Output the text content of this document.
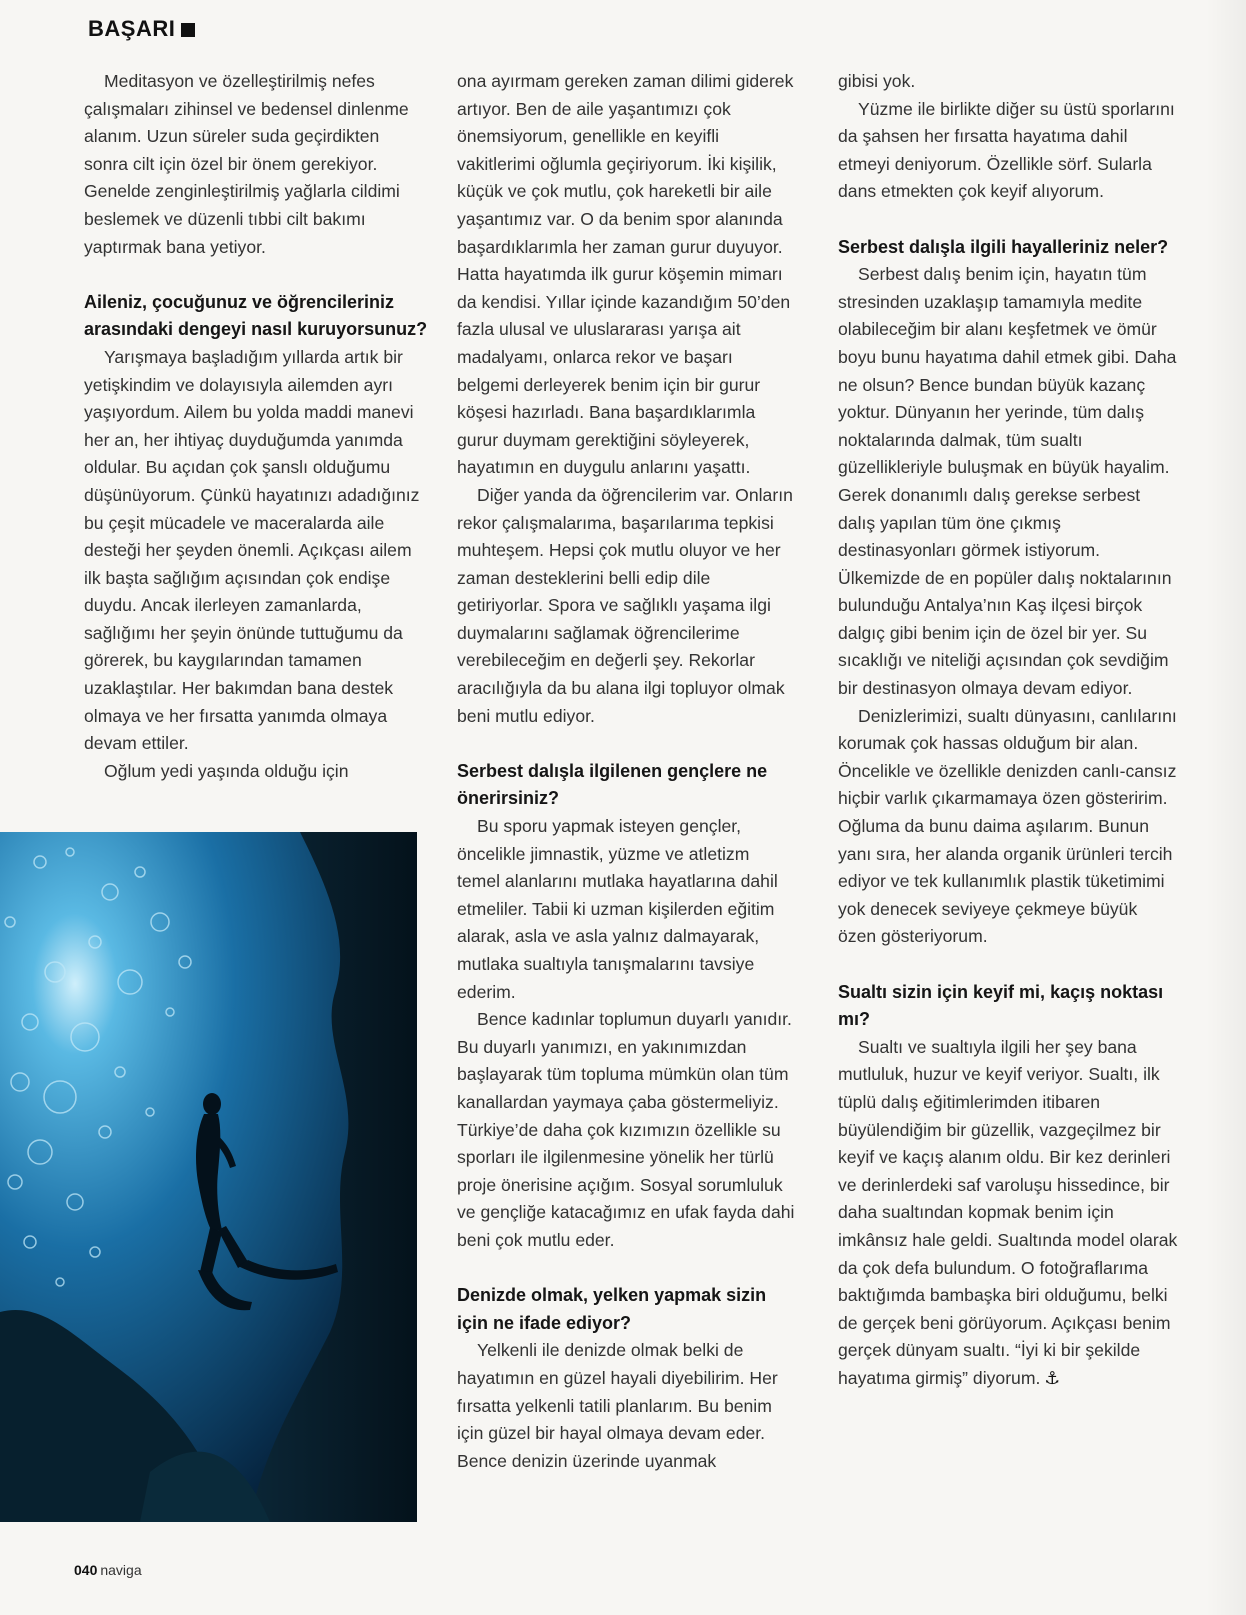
BAŞARI

Meditasyon ve özelleştirilmiş nefes çalışmaları zihinsel ve bedensel dinlenme alanım. Uzun süreler suda geçirdikten sonra cilt için özel bir önem gerekiyor. Genelde zenginleştirilmiş yağlarla cildimi beslemek ve düzenli tıbbi cilt bakımı yaptırmak bana yetiyor.

Aileniz, çocuğunuz ve öğrencileriniz arasındaki dengeyi nasıl kuruyorsunuz?

Yarışmaya başladığım yıllarda artık bir yetişkindim ve dolayısıyla ailemden ayrı yaşıyordum. Ailem bu yolda maddi manevi her an, her ihtiyaç duyduğumda yanımda oldular. Bu açıdan çok şanslı olduğumu düşünüyorum. Çünkü hayatınızı adadığınız bu çeşit mücadele ve maceralarda aile desteği her şeyden önemli. Açıkçası ailem ilk başta sağlığım açısından çok endişe duydu. Ancak ilerleyen zamanlarda, sağlığımı her şeyin önünde tuttuğumu da görerek, bu kaygılarından tamamen uzaklaştılar. Her bakımdan bana destek olmaya ve her fırsatta yanımda olmaya devam ettiler.

Oğlum yedi yaşında olduğu için

ona ayırmam gereken zaman dilimi giderek artıyor. Ben de aile yaşantımızı çok önemsiyorum, genellikle en keyifli vakitlerimi oğlumla geçiriyorum. İki kişilik, küçük ve çok mutlu, çok hareketli bir aile yaşantımız var. O da benim spor alanında başardıklarımla her zaman gurur duyuyor. Hatta hayatımda ilk gurur köşemin mimarı da kendisi. Yıllar içinde kazandığım 50’den fazla ulusal ve uluslararası yarışa ait madalyamı, onlarca rekor ve başarı belgemi derleyerek benim için bir gurur köşesi hazırladı. Bana başardıklarımla gurur duymam gerektiğini söyleyerek, hayatımın en duygulu anlarını yaşattı.

Diğer yanda da öğrencilerim var. Onların rekor çalışmalarıma, başarılarıma tepkisi muhteşem. Hepsi çok mutlu oluyor ve her zaman desteklerini belli edip dile getiriyorlar. Spora ve sağlıklı yaşama ilgi duymalarını sağlamak öğrencilerime verebileceğim en değerli şey. Rekorlar aracılığıyla da bu alana ilgi topluyor olmak beni mutlu ediyor.

Serbest dalışla ilgilenen gençlere ne önerirsiniz?

Bu sporu yapmak isteyen gençler, öncelikle jimnastik, yüzme ve atletizm temel alanlarını mutlaka hayatlarına dahil etmeliler. Tabii ki uzman kişilerden eğitim alarak, asla ve asla yalnız dalmayarak, mutlaka sualtıyla tanışmalarını tavsiye ederim.

Bence kadınlar toplumun duyarlı yanıdır. Bu duyarlı yanımızı, en yakınımızdan başlayarak tüm topluma mümkün olan tüm kanallardan yaymaya çaba göstermeliyiz. Türkiye’de daha çok kızımızın özellikle su sporları ile ilgilenmesine yönelik her türlü proje önerisine açığım. Sosyal sorumluluk ve gençliğe katacağımız en ufak fayda dahi beni çok mutlu eder.

Denizde olmak, yelken yapmak sizin için ne ifade ediyor?

Yelkenli ile denizde olmak belki de hayatımın en güzel hayali diyebilirim. Her fırsatta yelkenli tatili planlarım. Bu benim için güzel bir hayal olmaya devam eder. Bence denizin üzerinde uyanmak

gibisi yok.

Yüzme ile birlikte diğer su üstü sporlarını da şahsen her fırsatta hayatıma dahil etmeyi deniyorum. Özellikle sörf. Sularla dans etmekten çok keyif alıyorum.

Serbest dalışla ilgili hayalleriniz neler?

Serbest dalış benim için, hayatın tüm stresinden uzaklaşıp tamamıyla medite olabileceğim bir alanı keşfetmek ve ömür boyu bunu hayatıma dahil etmek gibi. Daha ne olsun? Bence bundan büyük kazanç yoktur. Dünyanın her yerinde, tüm dalış noktalarında dalmak, tüm sualtı güzellikleriyle buluşmak en büyük hayalim. Gerek donanımlı dalış gerekse serbest dalış yapılan tüm öne çıkmış destinasyonları görmek istiyorum. Ülkemizde de en popüler dalış noktalarının bulunduğu Antalya’nın Kaş ilçesi birçok dalgıç gibi benim için de özel bir yer. Su sıcaklığı ve niteliği açısından çok sevdiğim bir destinasyon olmaya devam ediyor.

Denizlerimizi, sualtı dünyasını, canlılarını korumak çok hassas olduğum bir alan. Öncelikle ve özellikle denizden canlı-cansız hiçbir varlık çıkarmamaya özen gösteririm. Oğluma da bunu daima aşılarım. Bunun yanı sıra, her alanda organik ürünleri tercih ediyor ve tek kullanımlık plastik tüketimimi yok denecek seviyeye çekmeye büyük özen gösteriyorum.

Sualtı sizin için keyif mi, kaçış noktası mı?

Sualtı ve sualtıyla ilgili her şey bana mutluluk, huzur ve keyif veriyor. Sualtı, ilk tüplü dalış eğitimlerimden itibaren büyülendiğim bir güzellik, vazgeçilmez bir keyif ve kaçış alanım oldu. Bir kez derinleri ve derinlerdeki saf varoluşu hissedince, bir daha sualtından kopmak benim için imkânsız hale geldi. Sualtında model olarak da çok defa bulundum. O fotoğraflarıma baktığımda bambaşka biri olduğumu, belki de gerçek beni görüyorum. Açıkçası benim gerçek dünyam sualtı. “İyi ki bir şekilde hayatıma girmiş” diyorum. ⚓

040 naviga
